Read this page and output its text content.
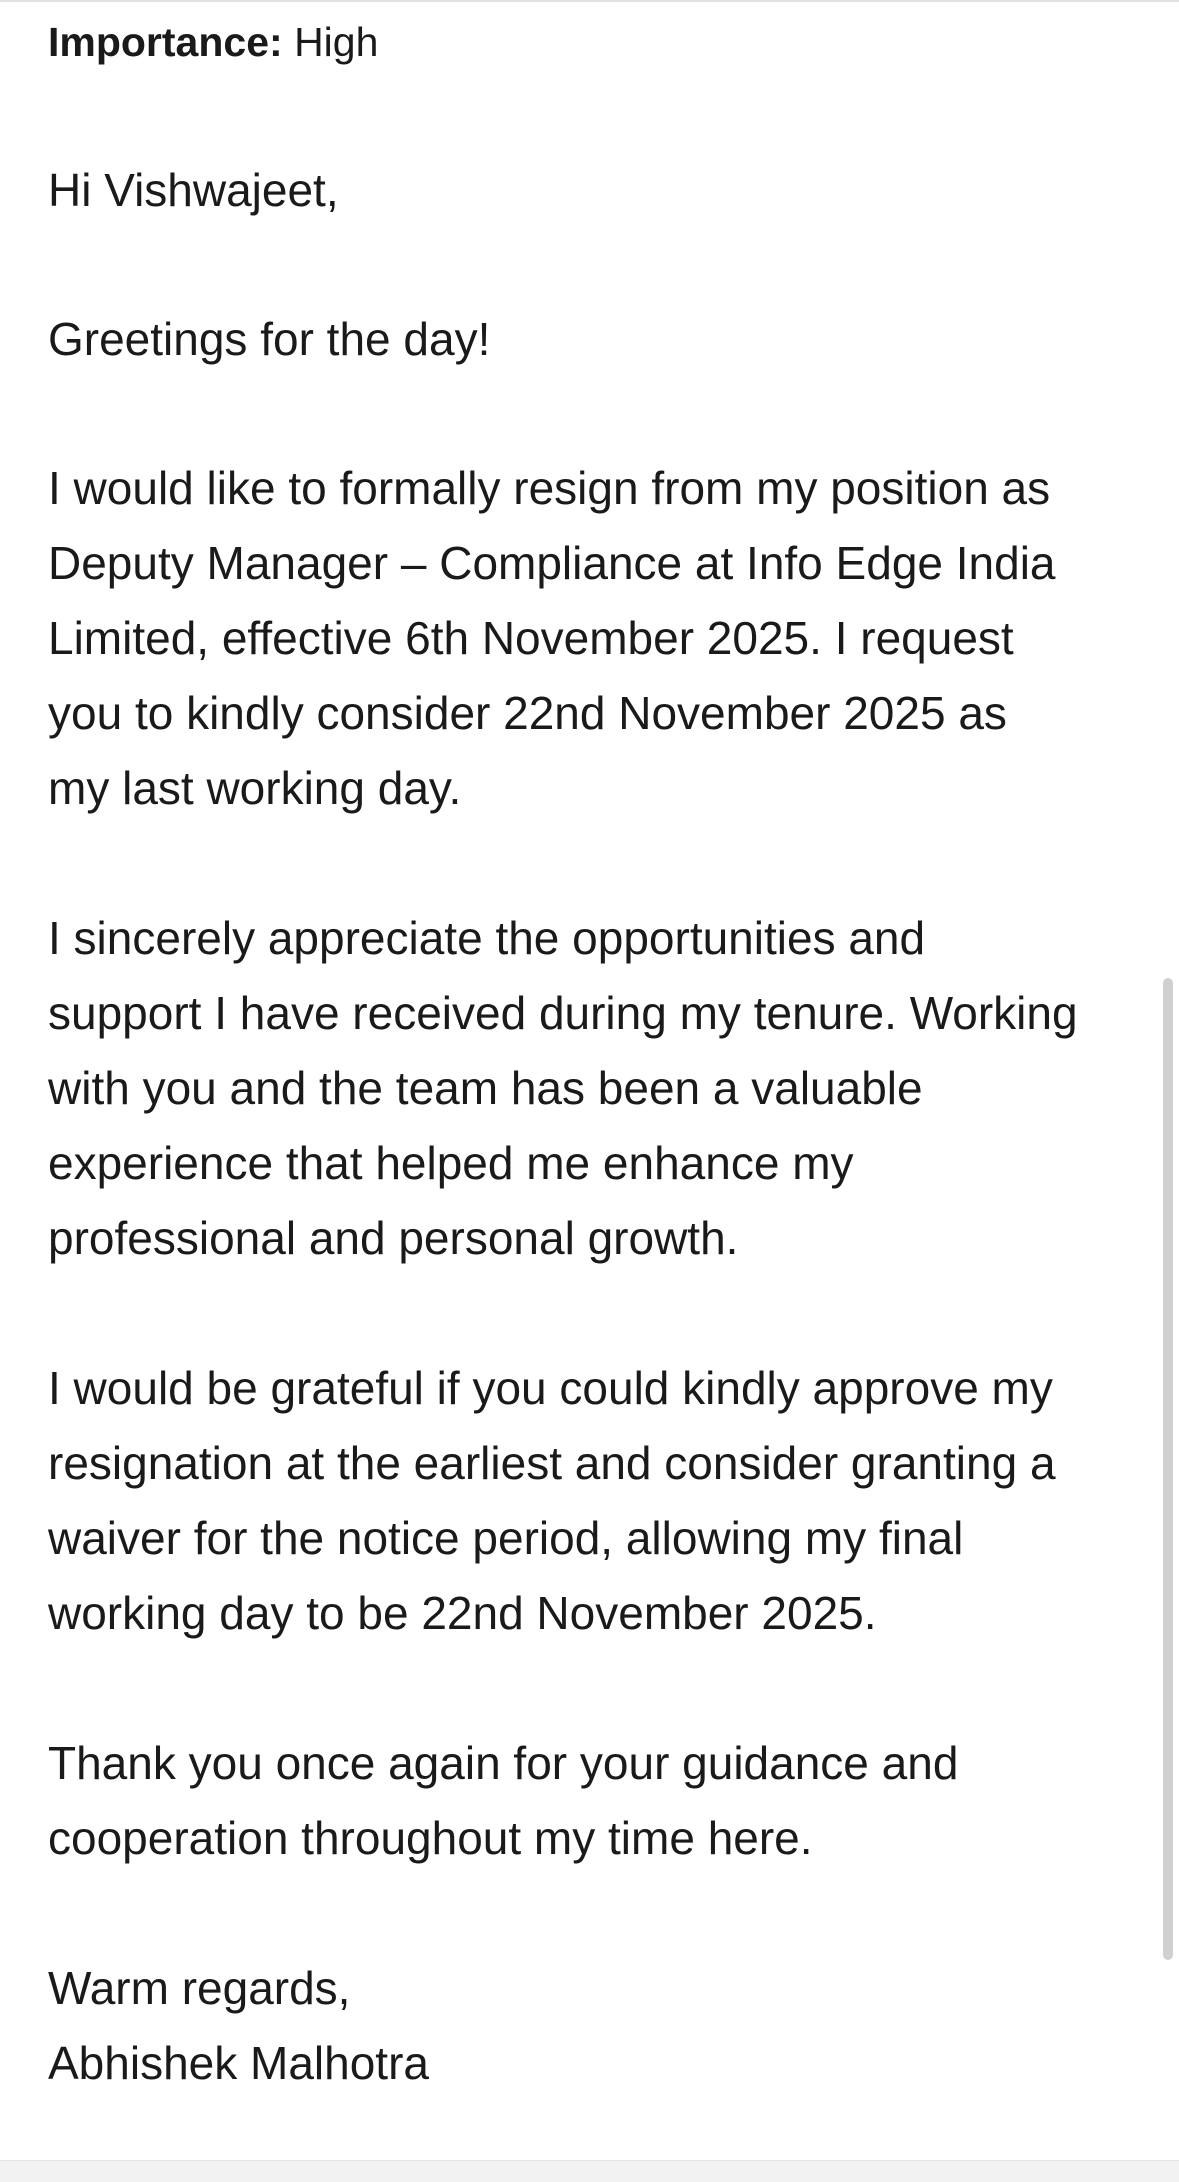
Importance: High

Hi Vishwajeet,

Greetings for the day!

I would like to formally resign from my position as
Deputy Manager – Compliance at Info Edge India
Limited, effective 6th November 2025. I request
you to kindly consider 22nd November 2025 as
my last working day.

I sincerely appreciate the opportunities and
support I have received during my tenure. Working
with you and the team has been a valuable
experience that helped me enhance my
professional and personal growth.

I would be grateful if you could kindly approve my
resignation at the earliest and consider granting a
waiver for the notice period, allowing my final
working day to be 22nd November 2025.

Thank you once again for your guidance and
cooperation throughout my time here.

Warm regards,
Abhishek Malhotra
